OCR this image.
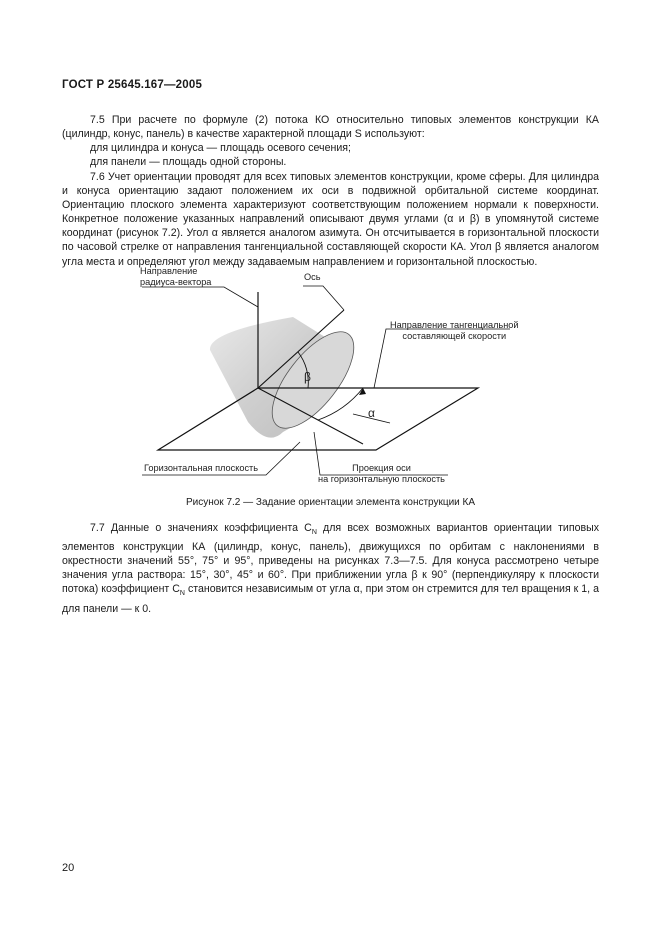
ГОСТ Р 25645.167—2005

7.5 При расчете по формуле (2) потока КО относительно типовых элементов конструкции КА (цилиндр, конус, панель) в качестве характерной площади S используют:

для цилиндра и конуса — площадь осевого сечения;

для панели — площадь одной стороны.

7.6 Учет ориентации проводят для всех типовых элементов конструкции, кроме сферы. Для цилиндра и конуса ориентацию задают положением их оси в подвижной орбитальной системе координат. Ориентацию плоского элемента характеризуют соответствующим положением нормали к поверхности. Конкретное положение указанных направлений описывают двумя углами (α и β) в упомянутой системе координат (рисунок 7.2). Угол α является аналогом азимута. Он отсчитывается в горизонтальной плоскости по часовой стрелке от направления тангенциальной составляющей скорости КА. Угол β является аналогом угла места и определяют угол между задаваемым направлением и горизонтальной плоскостью.

Направление
радиуса-вектора	Ось
Направление тангенциальной
составляющей скорости
β
α
Горизонтальная плоскость	Проекция оси
на горизонтальную плоскость
Рисунок 7.2 — Задание ориентации элемента конструкции КА

7.7 Данные о значениях коэффициента $C_N$ для всех возможных вариантов ориентации типовых элементов конструкции КА (цилиндр, конус, панель), движущихся по орбитам с наклонениями в окрестности значений 55°, 75° и 95°, приведены на рисунках 7.3—7.5. Для конуса рассмотрено четыре значения угла раствора: 15°, 30°, 45° и 60°. При приближении угла β к 90° (перпендикуляру к плоскости потока) коэффициент $C_N$ становится независимым от угла α, при этом он стремится для тел вращения к 1, а для панели — к 0.

20
